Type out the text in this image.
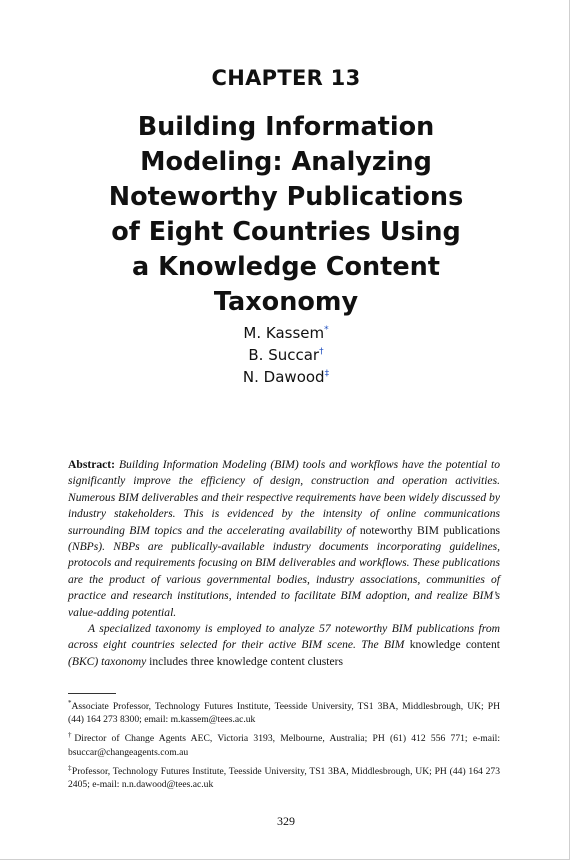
CHAPTER 13
Building Information
Modeling: Analyzing
Noteworthy Publications
of Eight Countries Using
a Knowledge Content
Taxonomy
M. Kassem*
B. Succar†
N. Dawood‡

Abstract: Building Information Modeling (BIM) tools and workflows have the potential to significantly improve the efficiency of design, construction and operation activities. Numerous BIM deliverables and their respective requirements have been widely discussed by industry stakeholders. This is evidenced by the intensity of online communications surrounding BIM topics and the accelerating availability of noteworthy BIM publications (NBPs). NBPs are publically-available industry documents incorporating guidelines, protocols and requirements focusing on BIM deliverables and workflows. These publications are the product of various governmental bodies, industry associations, communities of practice and research institutions, intended to facilitate BIM adoption, and realize BIM’s value-adding potential.

A specialized taxonomy is employed to analyze 57 noteworthy BIM publications from across eight countries selected for their active BIM scene. The BIM knowledge content (BKC) taxonomy includes three knowledge content clusters

*Associate Professor, Technology Futures Institute, Teesside University, TS1 3BA, Middlesbrough, UK; PH (44) 164 273 8300; email: m.kassem@tees.ac.uk
†Director of Change Agents AEC, Victoria 3193, Melbourne, Australia; PH (61) 412 556 771; e-mail: bsuccar@changeagents.com.au
‡Professor, Technology Futures Institute, Teesside University, TS1 3BA, Middlesbrough, UK; PH (44) 164 273 2405; e-mail: n.n.dawood@tees.ac.uk
329
